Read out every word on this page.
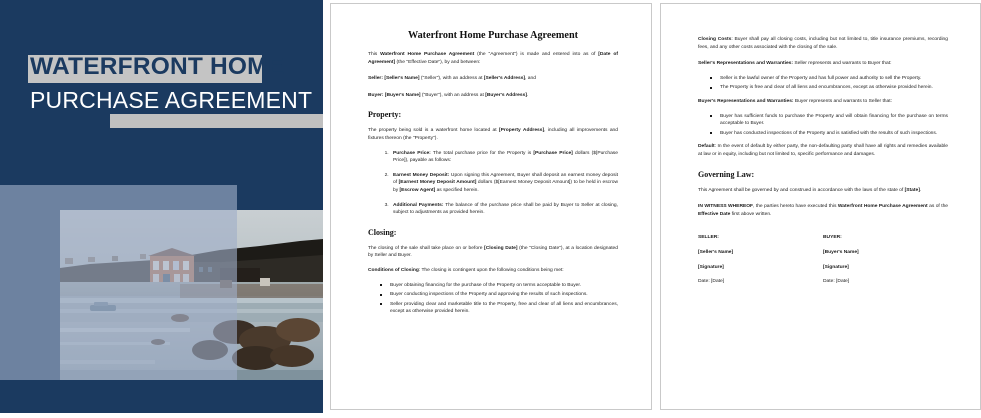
WATERFRONT HOME
PURCHASE AGREEMENT
Waterfront Home Purchase Agreement

This Waterfront Home Purchase Agreement (the "Agreement") is made and entered into as of [Date of Agreement] (the "Effective Date"), by and between:

Seller: [Seller's Name] ("Seller"), with an address at [Seller's Address], and

Buyer: [Buyer's Name] ("Buyer"), with an address at [Buyer's Address].

Property:

The property being sold is a waterfront home located at [Property Address], including all improvements and fixtures thereon (the "Property").

1. Purchase Price: The total purchase price for the Property is [Purchase Price] dollars ($[Purchase Price]), payable as follows:
2. Earnest Money Deposit: Upon signing this Agreement, Buyer shall deposit an earnest money deposit of [Earnest Money Deposit Amount] dollars ($[Earnest Money Deposit Amount]) to be held in escrow by [Escrow Agent] as specified herein.
3. Additional Payments: The balance of the purchase price shall be paid by Buyer to Seller at closing, subject to adjustments as provided herein.
Closing:

The closing of the sale shall take place on or before [Closing Date] (the "Closing Date"), at a location designated by Seller and Buyer.

Conditions of Closing: The closing is contingent upon the following conditions being met:

Buyer obtaining financing for the purchase of the Property on terms acceptable to Buyer.
Buyer conducting inspections of the Property and approving the results of such inspections.
Seller providing clear and marketable title to the Property, free and clear of all liens and encumbrances, except as otherwise provided herein.

Closing Costs: Buyer shall pay all closing costs, including but not limited to, title insurance premiums, recording fees, and any other costs associated with the closing of the sale.

Seller's Representations and Warranties: Seller represents and warrants to Buyer that:

Seller is the lawful owner of the Property and has full power and authority to sell the Property.
The Property is free and clear of all liens and encumbrances, except as otherwise provided herein.

Buyer's Representations and Warranties: Buyer represents and warrants to Seller that:

Buyer has sufficient funds to purchase the Property and will obtain financing for the purchase on terms acceptable to Buyer.
Buyer has conducted inspections of the Property and is satisfied with the results of such inspections.

Default: In the event of default by either party, the non-defaulting party shall have all rights and remedies available at law or in equity, including but not limited to, specific performance and damages.

Governing Law:

This Agreement shall be governed by and construed in accordance with the laws of the state of [State].

IN WITNESS WHEREOF, the parties hereto have executed this Waterfront Home Purchase Agreement as of the Effective Date first above written.

SELLER:
[Seller's Name]
[Signature]
Date: [Date]
BUYER:
[Buyer's Name]
[Signature]
Date: [Date]
